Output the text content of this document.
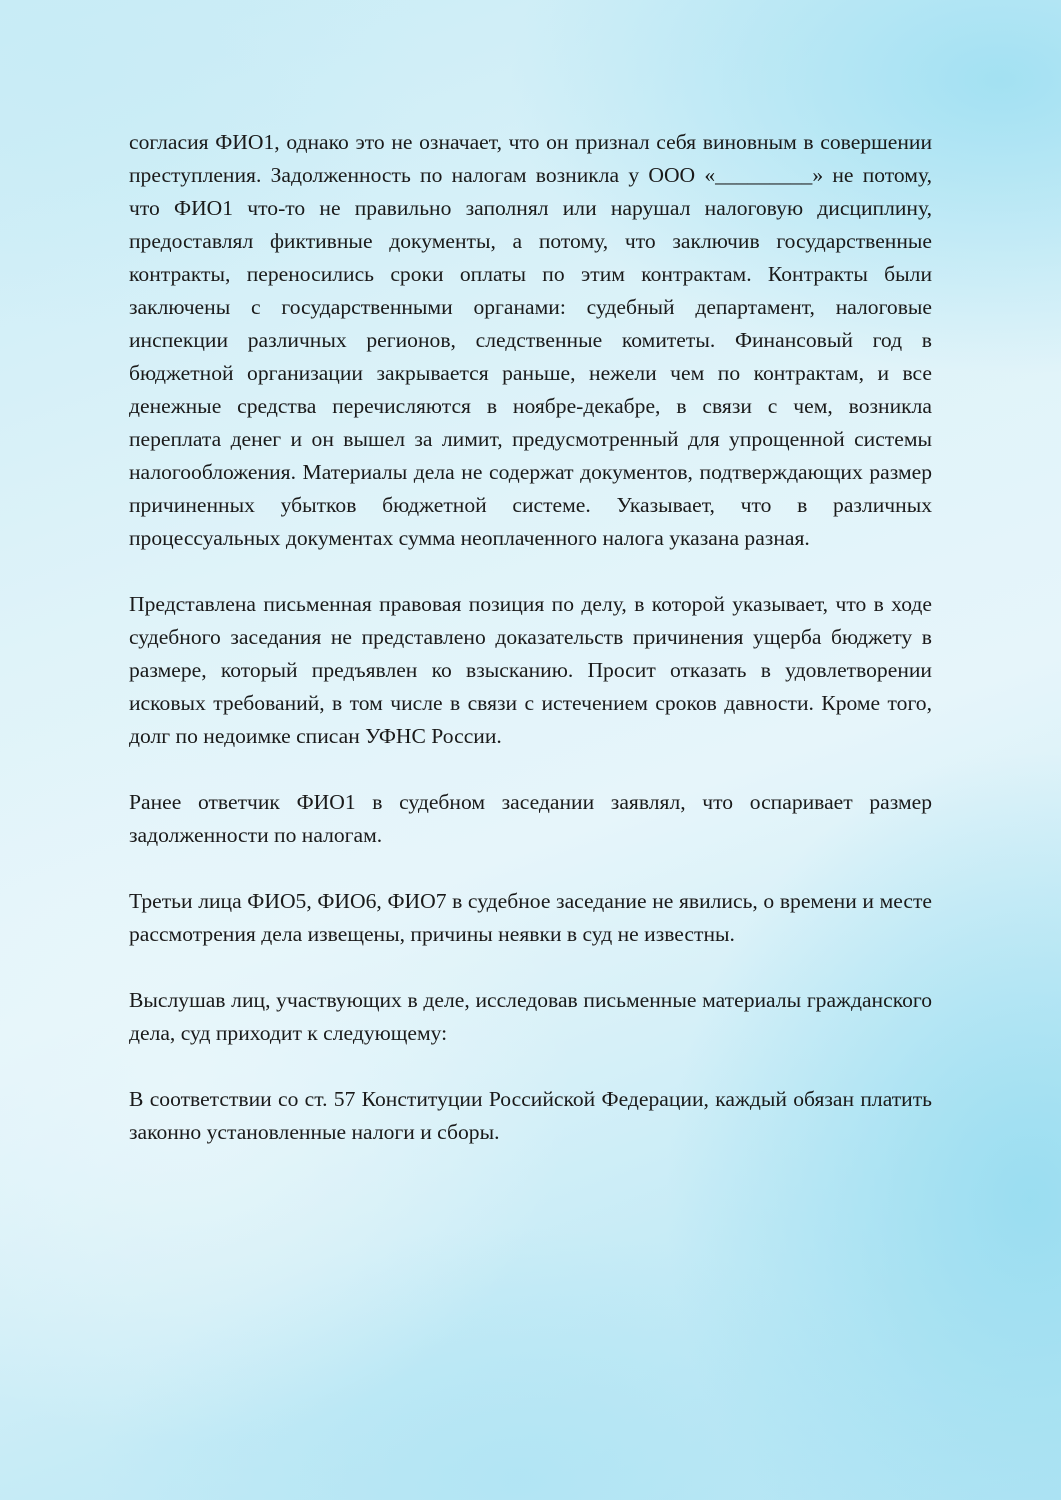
согласия ФИО1, однако это не означает, что он признал себя виновным в совершении преступления. Задолженность по налогам возникла у ООО «_________» не потому, что ФИО1 что-то не правильно заполнял или нарушал налоговую дисциплину, предоставлял фиктивные документы, а потому, что заключив государственные контракты, переносились сроки оплаты по этим контрактам. Контракты были заключены с государственными органами: судебный департамент, налоговые инспекции различных регионов, следственные комитеты. Финансовый год в бюджетной организации закрывается раньше, нежели чем по контрактам, и все денежные средства перечисляются в ноябре-декабре, в связи с чем, возникла переплата денег и он вышел за лимит, предусмотренный для упрощенной системы налогообложения. Материалы дела не содержат документов, подтверждающих размер причиненных убытков бюджетной системе. Указывает, что в различных процессуальных документах сумма неоплаченного налога указана разная.

Представлена письменная правовая позиция по делу, в которой указывает, что в ходе судебного заседания не представлено доказательств причинения ущерба бюджету в размере, который предъявлен ко взысканию. Просит отказать в удовлетворении исковых требований, в том числе в связи с истечением сроков давности. Кроме того, долг по недоимке списан УФНС России.

Ранее ответчик ФИО1 в судебном заседании заявлял, что оспаривает размер задолженности по налогам.

Третьи лица ФИО5, ФИО6, ФИО7 в судебное заседание не явились, о времени и месте рассмотрения дела извещены, причины неявки в суд не известны.

Выслушав лиц, участвующих в деле, исследовав письменные материалы гражданского дела, суд приходит к следующему:

В соответствии со ст. 57 Конституции Российской Федерации, каждый обязан платить законно установленные налоги и сборы.
